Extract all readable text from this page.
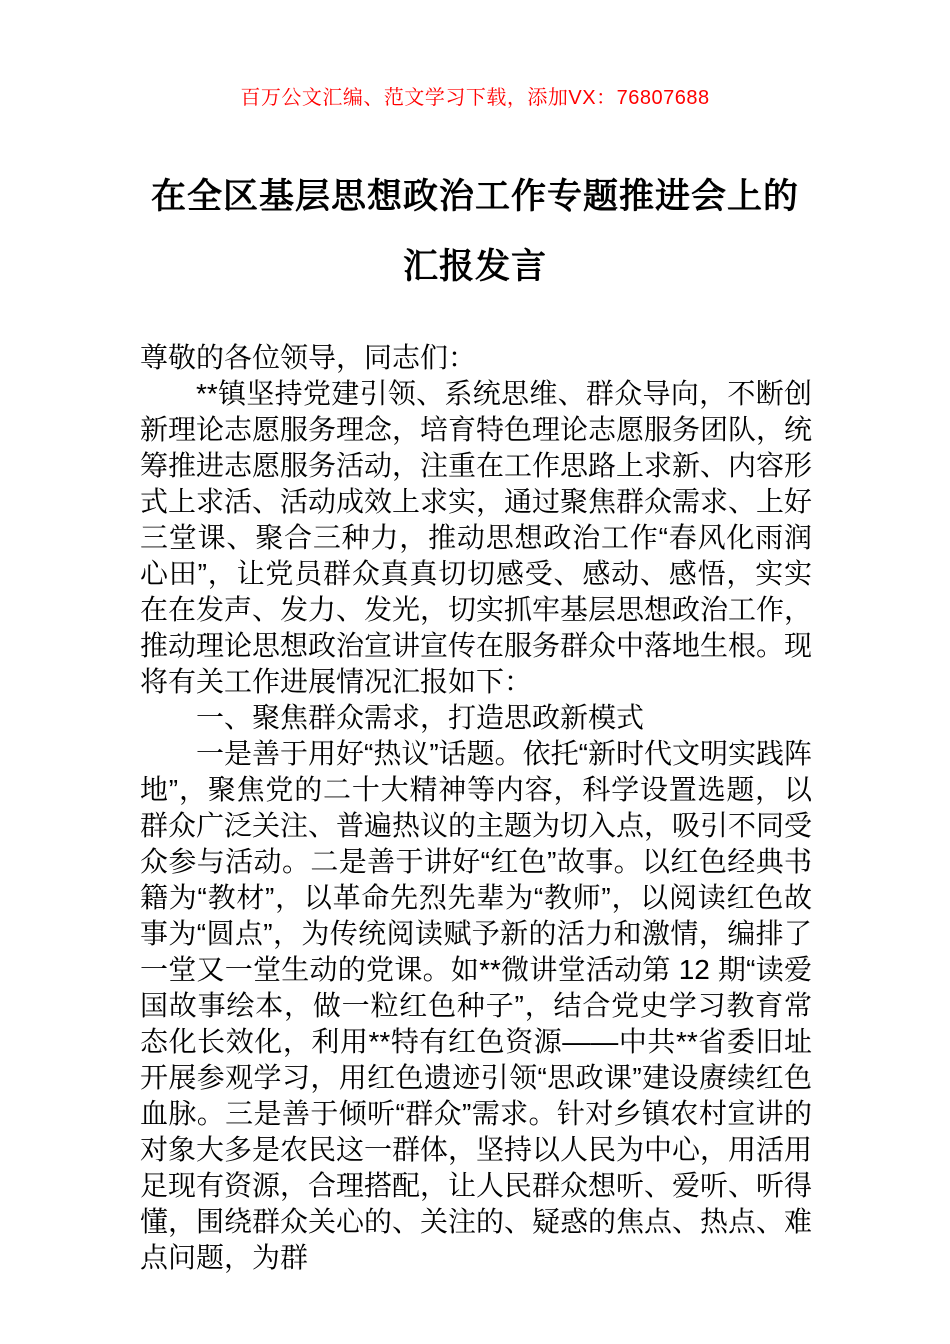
百万公文汇编、范文学习下载，添加VX：76807688
在全区基层思想政治工作专题推进会上的
汇报发言

尊敬的各位领导，同志们：

**镇坚持党建引领、系统思维、群众导向，不断创新理论志愿服务理念，培育特色理论志愿服务团队，统筹推进志愿服务活动，注重在工作思路上求新、内容形式上求活、活动成效上求实，通过聚焦群众需求、上好三堂课、聚合三种力，推动思想政治工作“春风化雨润心田”，让党员群众真真切切感受、感动、感悟，实实在在发声、发力、发光，切实抓牢基层思想政治工作，推动理论思想政治宣讲宣传在服务群众中落地生根。现将有关工作进展情况汇报如下：

一、聚焦群众需求，打造思政新模式

一是善于用好“热议”话题。依托“新时代文明实践阵地”，聚焦党的二十大精神等内容，科学设置选题，以群众广泛关注、普遍热议的主题为切入点，吸引不同受众参与活动。二是善于讲好“红色”故事。以红色经典书籍为“教材”，以革命先烈先辈为“教师”，以阅读红色故事为“圆点”，为传统阅读赋予新的活力和激情，编排了一堂又一堂生动的党课。如**微讲堂活动第 12 期“读爱国故事绘本，做一粒红色种子”，结合党史学习教育常态化长效化，利用**特有红色资源——中共**省委旧址开展参观学习，用红色遗迹引领“思政课”建设赓续红色血脉。三是善于倾听“群众”需求。针对乡镇农村宣讲的对象大多是农民这一群体，坚持以人民为中心，用活用足现有资源，合理搭配，让人民群众想听、爱听、听得懂，围绕群众关心的、关注的、疑惑的焦点、热点、难点问题，为群
